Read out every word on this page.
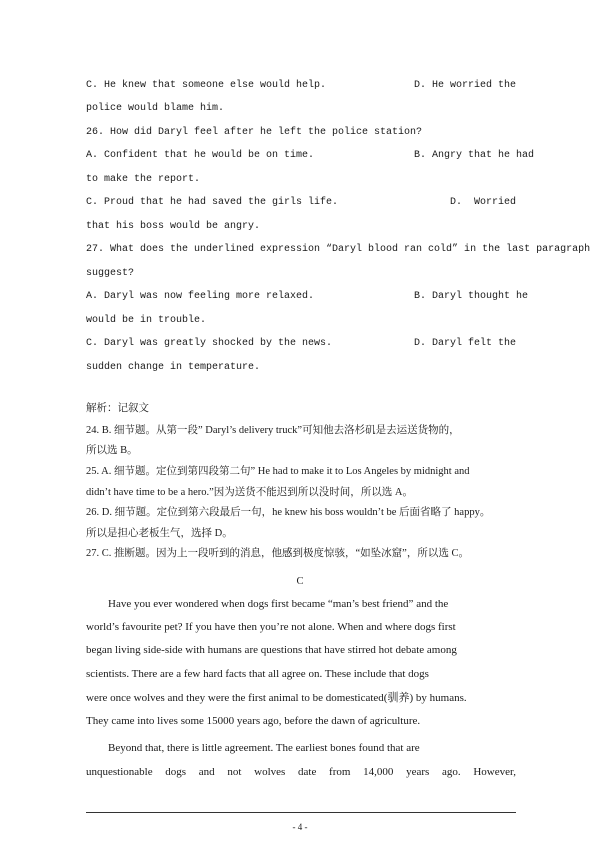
C. He knew that someone else would help.	D. He worried the
police would blame him.
26. How did Daryl feel after he left the police station?
A. Confident that he would be on time.	B. Angry that he had
to make the report.
C. Proud that he had saved the girls life.	D. Worried
that his boss would be angry.
27. What does the underlined expression “Daryl blood ran cold” in the last paragraph
suggest?
A. Daryl was now feeling more relaxed.	B. Daryl thought he
would be in trouble.
C. Daryl was greatly shocked by the news.	D. Daryl felt the
sudden change in temperature.
解析：记叙文
24. B. 细节题。从第一段” Daryl’s delivery truck”可知他去洛杉矶是去运送货物的，
所以选 B。
25. A. 细节题。定位到第四段第二句” He had to make it to Los Angeles by midnight and
didn’t have time to be a hero.”因为送货不能迟到所以没时间，所以选 A。
26. D. 细节题。定位到第六段最后一句，he knew his boss wouldn’t be 后面省略了 happy。
所以是担心老板生气，选择 D。
27. C. 推断题。因为上一段听到的消息，他感到极度惊骇，“如坠冰窟”，所以选 C。
C
Have you ever wondered when dogs first became “man’s best friend” and the
world’s favourite pet? If you have then you’re not alone. When and where dogs first
began living side-side with humans are questions that have stirred hot debate among
scientists. There are a few hard facts that all agree on. These include that dogs
were once wolves and they were the first animal to be domesticated(驯养) by humans.
They came into lives some 15000 years ago, before the dawn of agriculture.
Beyond that, there is little agreement. The earliest bones found that are
unquestionable dogs and not wolves date from 14,000 years ago. However,
- 4 -
